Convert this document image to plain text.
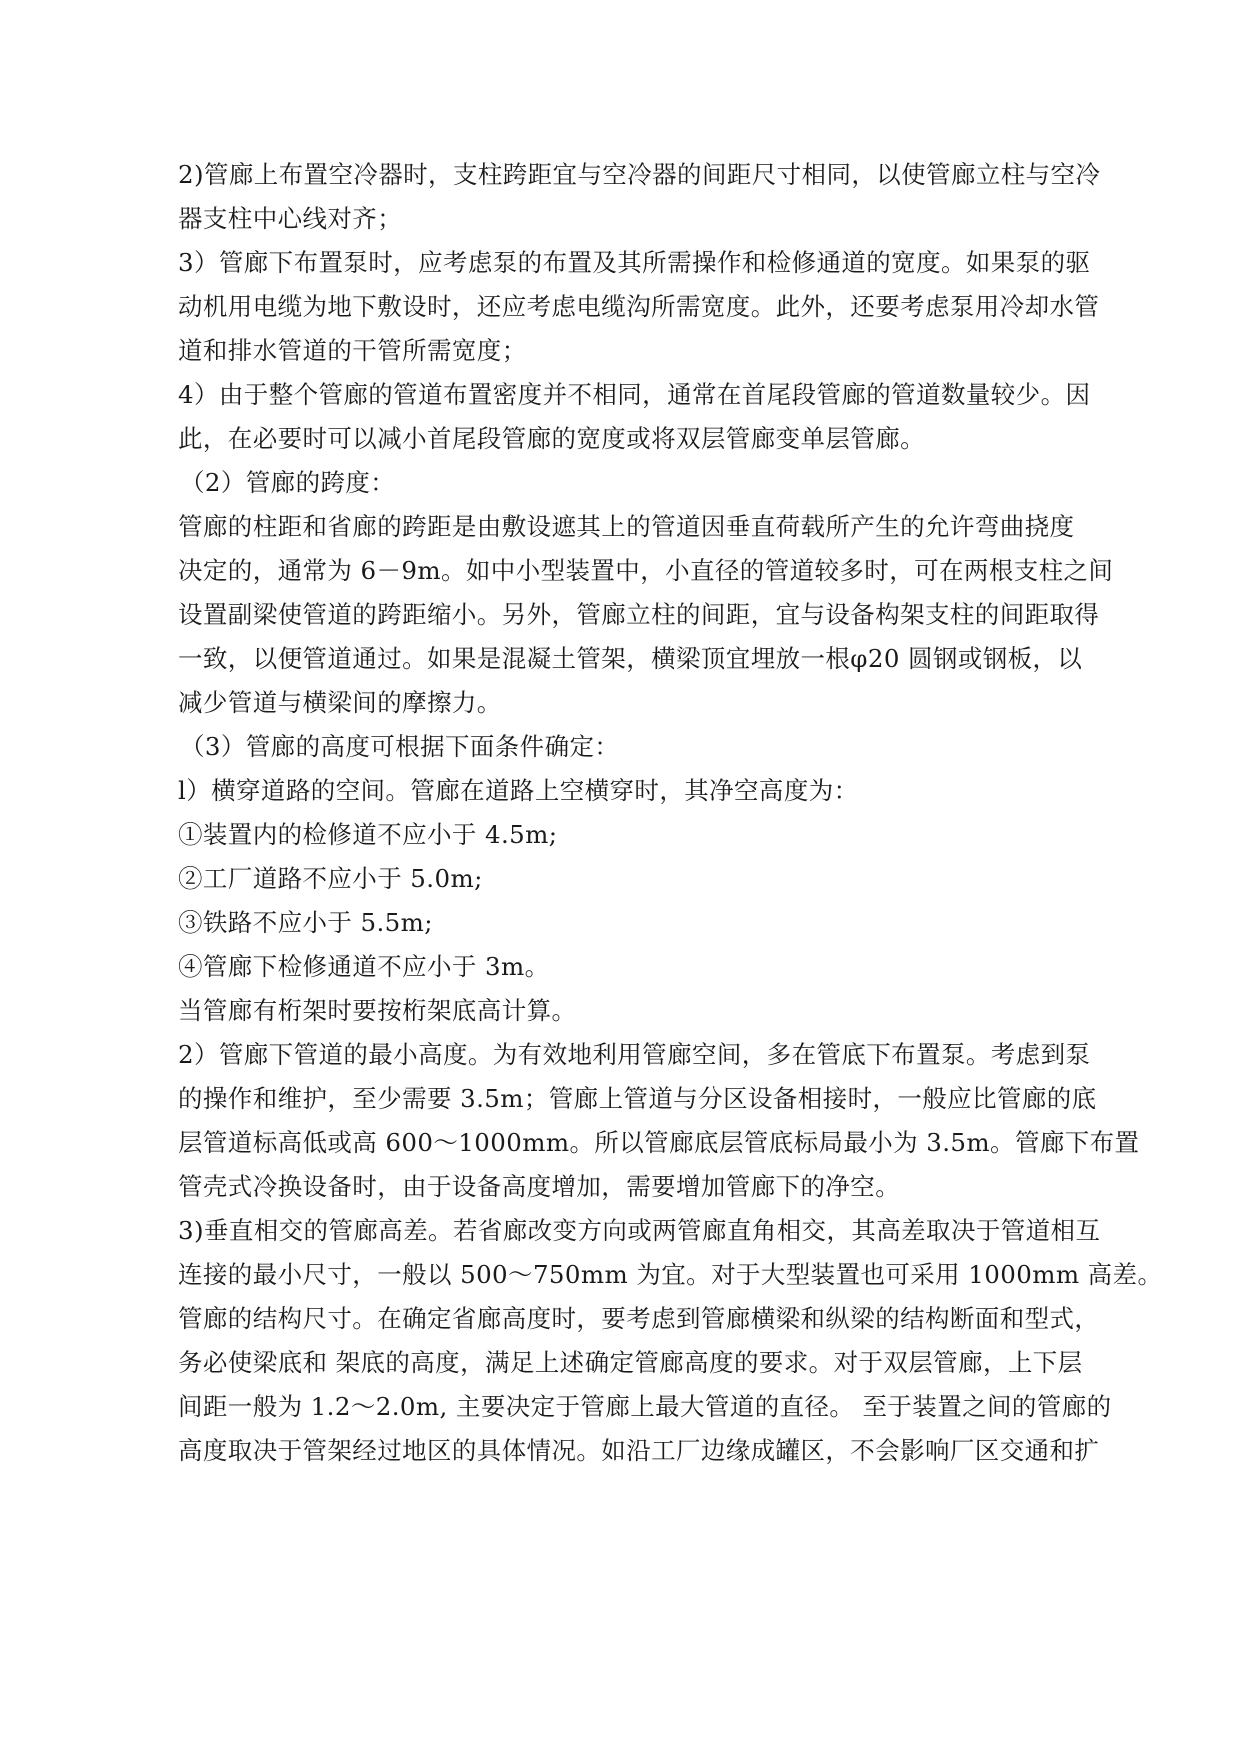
2)管廊上布置空冷器时，支柱跨距宜与空冷器的间距尺寸相同，以使管廊立柱与空冷
器支柱中心线对齐；
3）管廊下布置泵时，应考虑泵的布置及其所需操作和检修通道的宽度。如果泵的驱
动机用电缆为地下敷设时，还应考虑电缆沟所需宽度。此外，还要考虑泵用冷却水管
道和排水管道的干管所需宽度；
4）由于整个管廊的管道布置密度并不相同，通常在首尾段管廊的管道数量较少。因
此，在必要时可以减小首尾段管廊的宽度或将双层管廊变单层管廊。
（2）管廊的跨度：
管廊的柱距和省廊的跨距是由敷设遮其上的管道因垂直荷载所产生的允许弯曲挠度
决定的，通常为 6－9m。如中小型装置中，小直径的管道较多时，可在两根支柱之间
设置副梁使管道的跨距缩小。另外，管廊立柱的间距，宜与设备构架支柱的间距取得
一致，以便管道通过。如果是混凝土管架，横梁顶宜埋放一根φ20 圆钢或钢板，以
减少管道与横梁间的摩擦力。
（3）管廊的高度可根据下面条件确定：
l）横穿道路的空间。管廊在道路上空横穿时，其净空高度为：
①装置内的检修道不应小于 4.5m;
②工厂道路不应小于 5.0m;
③铁路不应小于 5.5m;
④管廊下检修通道不应小于 3m。
当管廊有桁架时要按桁架底高计算。
2）管廊下管道的最小高度。为有效地利用管廊空间，多在管底下布置泵。考虑到泵
的操作和维护，至少需要 3.5m；管廊上管道与分区设备相接时，一般应比管廊的底
层管道标高低或高 600～1000mm。所以管廊底层管底标局最小为 3.5m。管廊下布置
管壳式冷换设备时，由于设备高度增加，需要增加管廊下的净空。
3)垂直相交的管廊高差。若省廊改变方向或两管廊直角相交，其高差取决于管道相互
连接的最小尺寸，一般以 500～750mm 为宜。对于大型装置也可采用 1000mm 高差。
管廊的结构尺寸。在确定省廊高度时，要考虑到管廊横梁和纵梁的结构断面和型式，
务必使梁底和 架底的高度，满足上述确定管廊高度的要求。对于双层管廊，上下层
间距一般为 1.2～2.0m, 主要决定于管廊上最大管道的直径。 至于装置之间的管廊的
高度取决于管架经过地区的具体情况。如沿工厂边缘成罐区，不会影响厂区交通和扩
